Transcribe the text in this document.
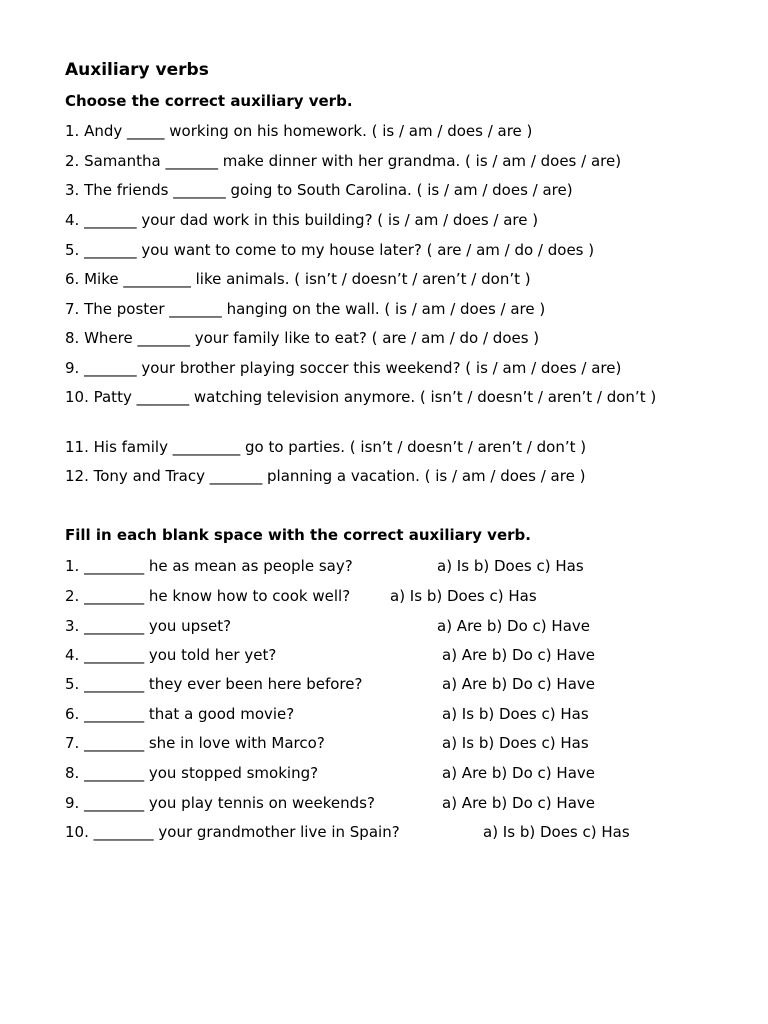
Auxiliary verbs
Choose the correct auxiliary verb.
1. Andy _____ working on his homework. ( is / am / does / are )
2. Samantha _______ make dinner with her grandma. ( is / am / does / are)
3. The friends _______ going to South Carolina. ( is / am / does / are)
4. _______ your dad work in this building? ( is / am / does / are )
5. _______ you want to come to my house later? ( are / am / do / does )
6. Mike _________ like animals. ( isn’t / doesn’t / aren’t / don’t )
7. The poster _______ hanging on the wall. ( is / am / does / are )
8. Where _______ your family like to eat? ( are / am / do / does )
9. _______ your brother playing soccer this weekend? ( is / am / does / are)
10. Patty _______ watching television anymore. ( isn’t / doesn’t / aren’t / don’t )
11. His family _________ go to parties. ( isn’t / doesn’t / aren’t / don’t )
12. Tony and Tracy _______ planning a vacation. ( is / am / does / are )
Fill in each blank space with the correct auxiliary verb.
1. ________ he as mean as people say?	a) Is b) Does c) Has
2. ________ he know how to cook well?	a) Is b) Does c) Has
3. ________ you upset?	a) Are b) Do c) Have
4. ________ you told her yet?	a) Are b) Do c) Have
5. ________ they ever been here before?	a) Are b) Do c) Have
6. ________ that a good movie?	a) Is b) Does c) Has
7. ________ she in love with Marco?	a) Is b) Does c) Has
8. ________ you stopped smoking?	a) Are b) Do c) Have
9. ________ you play tennis on weekends?	a) Are b) Do c) Have
10. ________ your grandmother live in Spain?	a) Is b) Does c) Has
